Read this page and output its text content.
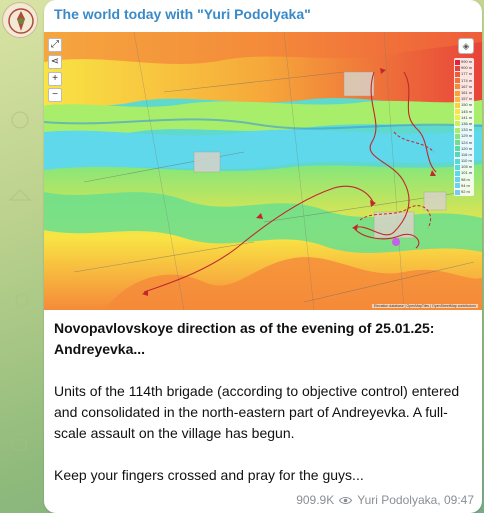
The world today with "Yuri Podolyaka"
⤢
⋖
+
−
◈
990 m
900 m
177 m
174 m
167 m
161 m
157 m
150 m
145 m
141 m
136 m
133 m
129 m
124 m
120 m
116 m
110 m
105 m
101 m
98 m
94 m
92 m
Elevation database | OpenMapTiles | OpenStreetMap contributors

Novopavlovskoye direction as of the evening of 25.01.25:
Andreyevka...

Units of the 114th brigade (according to objective control) entered and consolidated in the north-eastern part of Andreyevka. A full-scale assault on the village has begun.

Keep your fingers crossed and pray for the guys...

909.9K Yuri Podolyaka, 09:47
